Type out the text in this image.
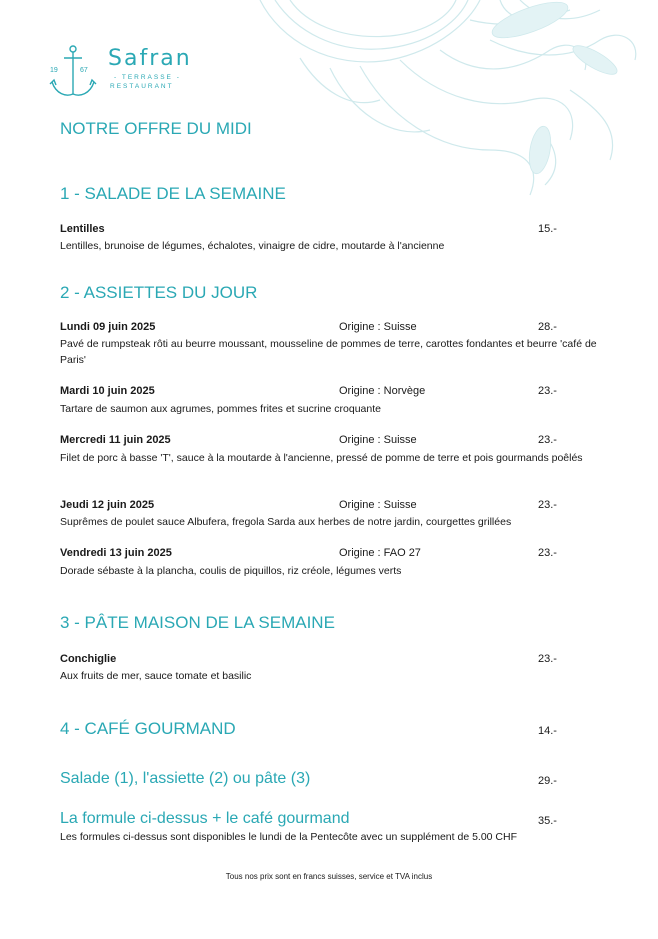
19	67 Safran
- TERRASSE -
RESTAURANT
NOTRE OFFRE DU MIDI
1 - SALADE DE LA SEMAINE
Lentilles	15.-
Lentilles, brunoise de légumes, échalotes, vinaigre de cidre, moutarde à l'ancienne
2 - ASSIETTES DU JOUR
Lundi 09 juin 2025	Origine : Suisse	28.-
Pavé de rumpsteak rôti au beurre moussant, mousseline de pommes de terre, carottes fondantes et beurre 'café de Paris'
Mardi 10 juin 2025	Origine : Norvège	23.-
Tartare de saumon aux agrumes, pommes frites et sucrine croquante
Mercredi 11 juin 2025	Origine : Suisse	23.-
Filet de porc à basse 'T', sauce à la moutarde à l'ancienne, pressé de pomme de terre et pois gourmands poêlés
Jeudi 12 juin 2025	Origine : Suisse	23.-
Suprêmes de poulet sauce Albufera, fregola Sarda aux herbes de notre jardin, courgettes grillées
Vendredi 13 juin 2025	Origine : FAO 27	23.-
Dorade sébaste à la plancha, coulis de piquillos, riz créole, légumes verts
3 - PÂTE MAISON DE LA SEMAINE
Conchiglie	23.-
Aux fruits de mer, sauce tomate et basilic
4 - CAFÉ GOURMAND	14.-
Salade (1), l'assiette (2) ou pâte (3)	29.-
La formule ci-dessus + le café gourmand	35.-
Les formules ci-dessus sont disponibles le lundi de la Pentecôte avec un supplément de 5.00 CHF
Tous nos prix sont en francs suisses, service et TVA inclus
